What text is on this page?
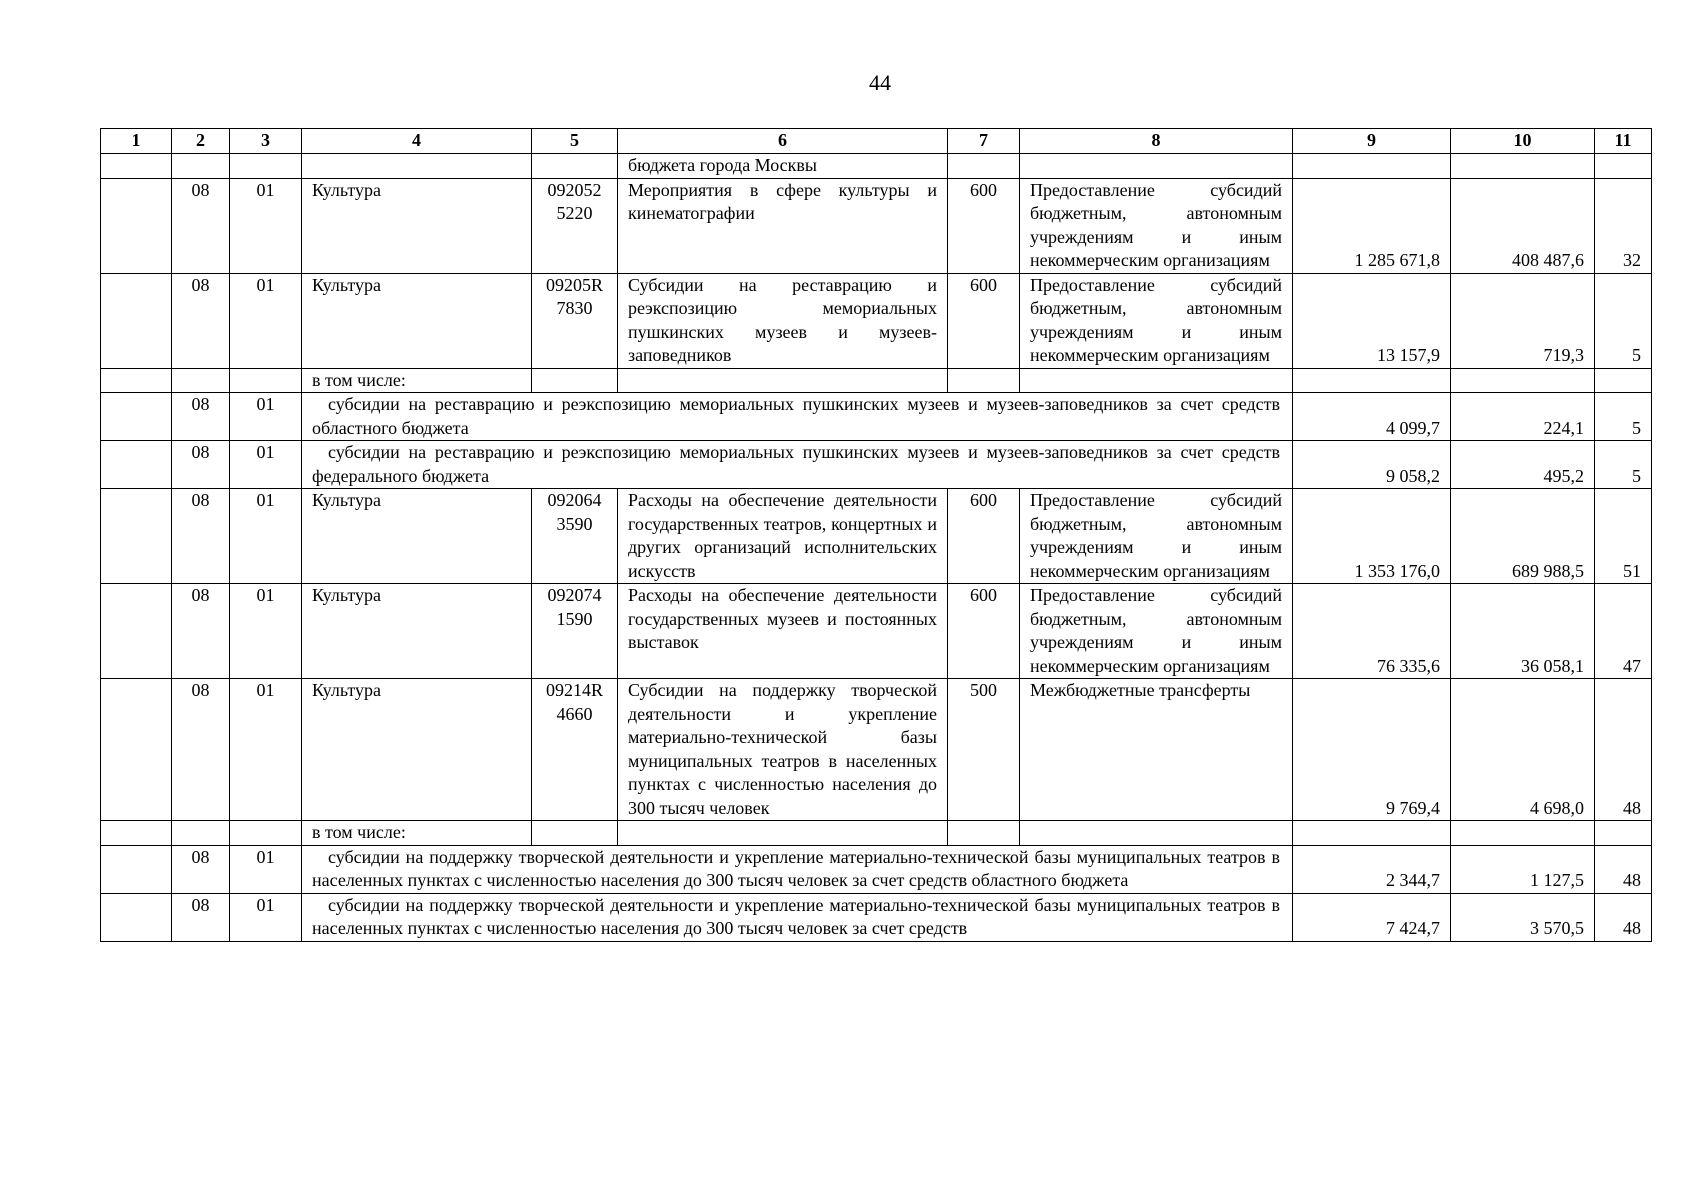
44
1	2	3	4	5	6	7	8	9	10	11
					бюджета города Москвы					
	08	01	Культура	092052 5220	Мероприятия в сфере культуры и кинематографии	600	Предоставление субсидий бюджетным, автономным учреждениям и иным некоммерческим организациям	1 285 671,8	408 487,6	32
	08	01	Культура	09205R 7830	Субсидии на реставрацию и реэкспозицию мемориальных пушкинских музеев и музеев-заповедников	600	Предоставление субсидий бюджетным, автономным учреждениям и иным некоммерческим организациям	13 157,9	719,3	5
			в том числе:							
	08	01	субсидии на реставрацию и реэкспозицию мемориальных пушкинских музеев и музеев-заповедников за счет средств областного бюджета					4 099,7	224,1	5
	08	01	субсидии на реставрацию и реэкспозицию мемориальных пушкинских музеев и музеев-заповедников за счет средств федерального бюджета					9 058,2	495,2	5
	08	01	Культура	092064 3590	Расходы на обеспечение деятельности государственных театров, концертных и других организаций исполнительских искусств	600	Предоставление субсидий бюджетным, автономным учреждениям и иным некоммерческим организациям	1 353 176,0	689 988,5	51
	08	01	Культура	092074 1590	Расходы на обеспечение деятельности государственных музеев и постоянных выставок	600	Предоставление субсидий бюджетным, автономным учреждениям и иным некоммерческим организациям	76 335,6	36 058,1	47
	08	01	Культура	09214R 4660	Субсидии на поддержку творческой деятельности и укрепление материально-технической базы муниципальных театров в населенных пунктах с численностью населения до 300 тысяч человек	500	Межбюджетные трансферты	9 769,4	4 698,0	48
			в том числе:							
	08	01	субсидии на поддержку творческой деятельности и укрепление материально-технической базы муниципальных театров в населенных пунктах с численностью населения до 300 тысяч человек за счет средств областного бюджета					2 344,7	1 127,5	48
	08	01	субсидии на поддержку творческой деятельности и укрепление материально-технической базы муниципальных театров в населенных пунктах с численностью населения до 300 тысяч человек за счет средств					7 424,7	3 570,5	48
